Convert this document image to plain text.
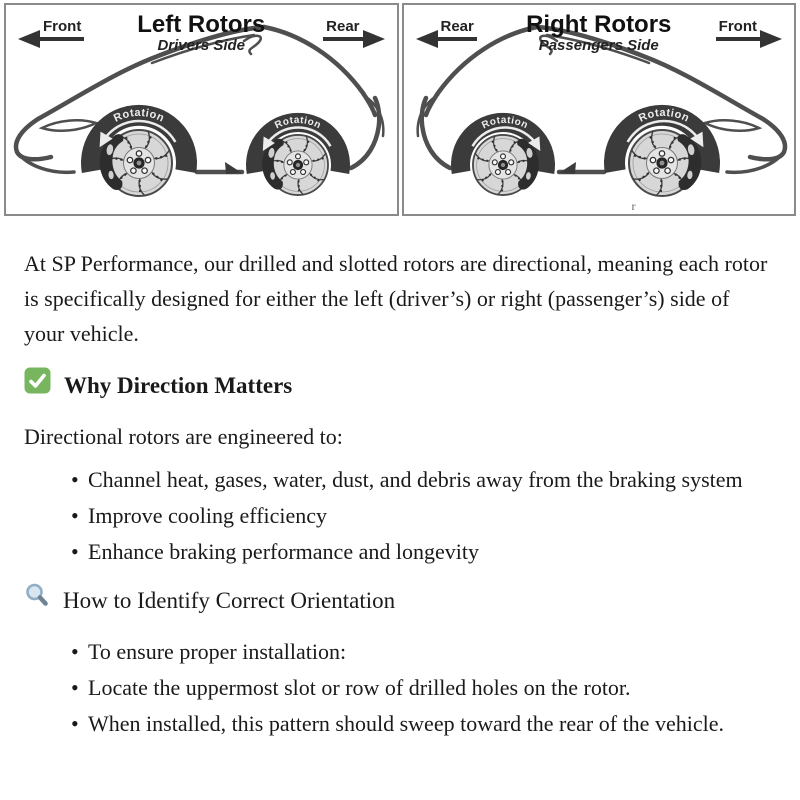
Front	Left Rotors
Drivers Side
Rear
Rotation	Rotation
Rear	Right Rotors
Passengers Side
Front
Rotation
Rotation
r

At SP Performance, our drilled and slotted rotors are directional, meaning each rotor is specifically designed for either the left (driver’s) or right (passenger’s) side of your vehicle.

Why Direction Matters

Directional rotors are engineered to:

• Channel heat, gases, water, dust, and debris away from the braking system
• Improve cooling efficiency
• Enhance braking performance and longevity
How to Identify Correct Orientation
• To ensure proper installation:
• Locate the uppermost slot or row of drilled holes on the rotor.
• When installed, this pattern should sweep toward the rear of the vehicle.
